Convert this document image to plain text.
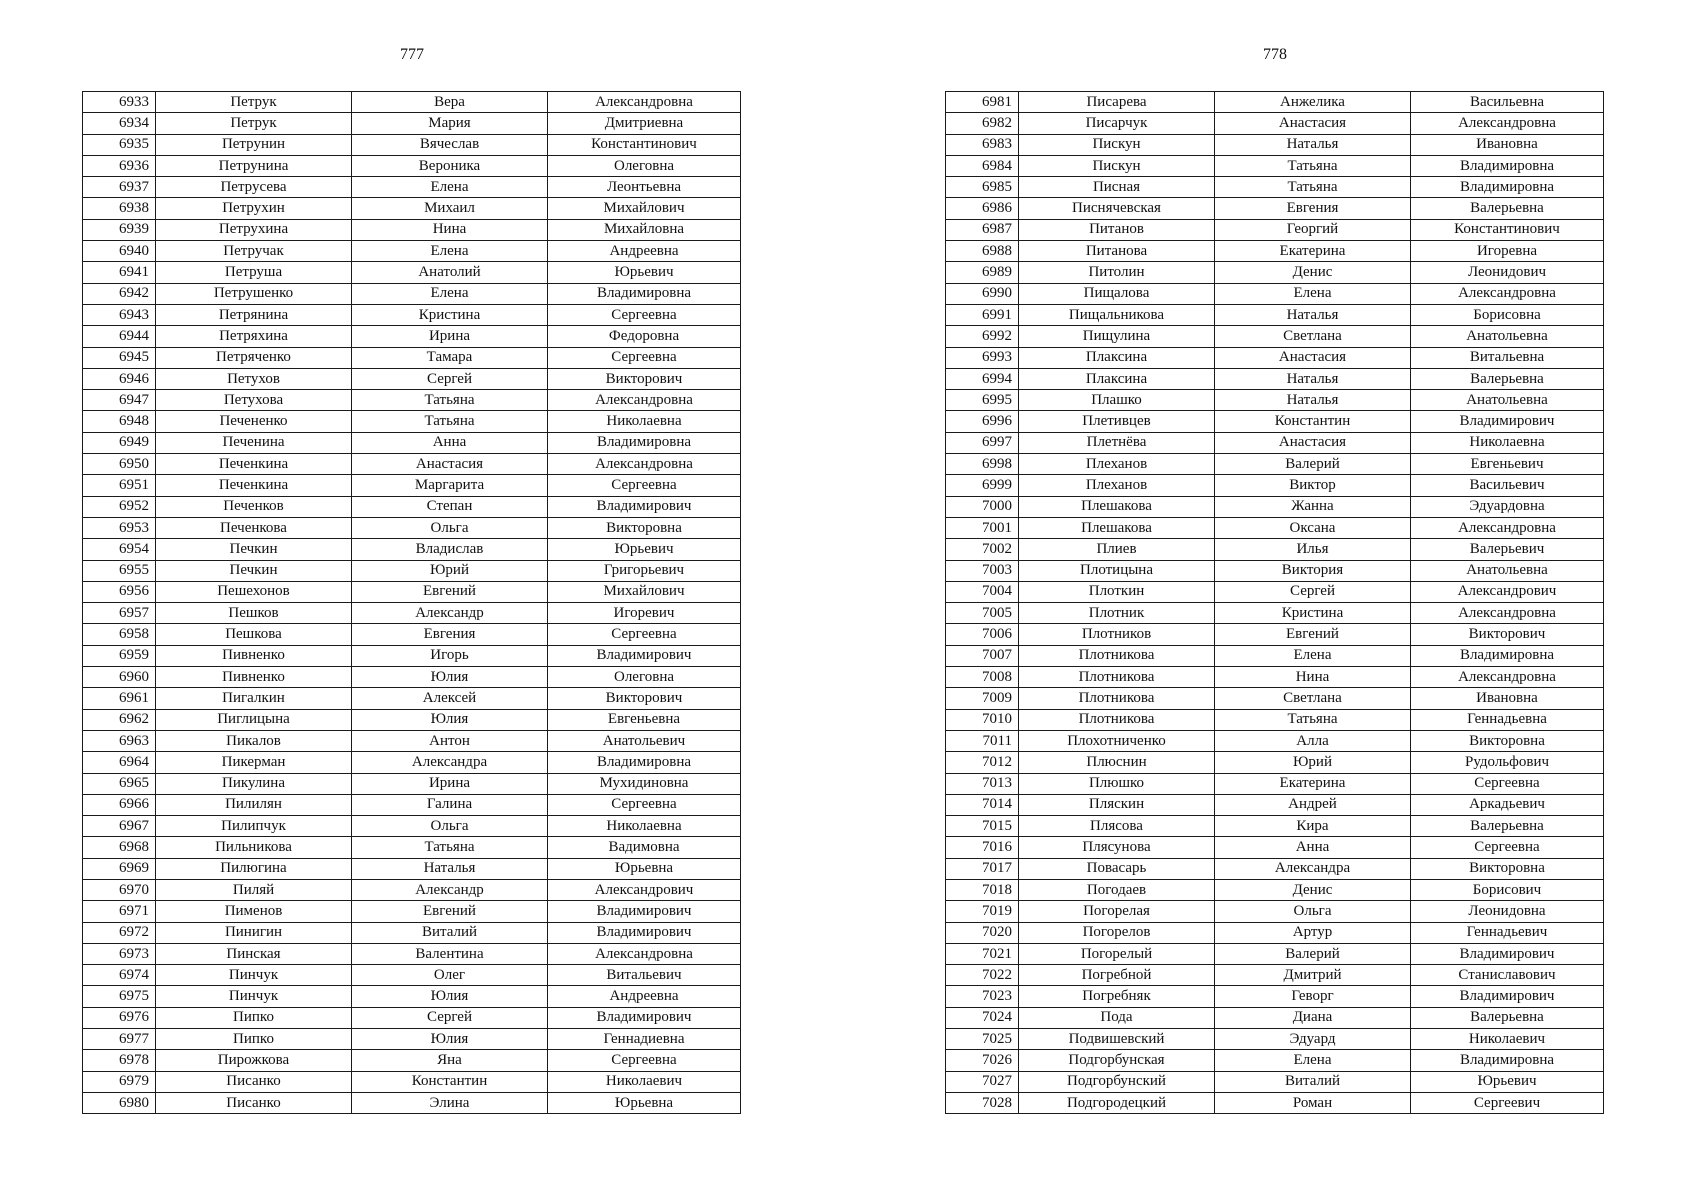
777
6933	Петрук	Вера	Александровна
6934	Петрук	Мария	Дмитриевна
6935	Петрунин	Вячеслав	Константинович
6936	Петрунина	Вероника	Олеговна
6937	Петрусева	Елена	Леонтьевна
6938	Петрухин	Михаил	Михайлович
6939	Петрухина	Нина	Михайловна
6940	Петручак	Елена	Андреевна
6941	Петруша	Анатолий	Юрьевич
6942	Петрушенко	Елена	Владимировна
6943	Петрянина	Кристина	Сергеевна
6944	Петряхина	Ирина	Федоровна
6945	Петряченко	Тамара	Сергеевна
6946	Петухов	Сергей	Викторович
6947	Петухова	Татьяна	Александровна
6948	Печененко	Татьяна	Николаевна
6949	Печенина	Анна	Владимировна
6950	Печенкина	Анастасия	Александровна
6951	Печенкина	Маргарита	Сергеевна
6952	Печенков	Степан	Владимирович
6953	Печенкова	Ольга	Викторовна
6954	Печкин	Владислав	Юрьевич
6955	Печкин	Юрий	Григорьевич
6956	Пешехонов	Евгений	Михайлович
6957	Пешков	Александр	Игоревич
6958	Пешкова	Евгения	Сергеевна
6959	Пивненко	Игорь	Владимирович
6960	Пивненко	Юлия	Олеговна
6961	Пигалкин	Алексей	Викторович
6962	Пиглицына	Юлия	Евгеньевна
6963	Пикалов	Антон	Анатольевич
6964	Пикерман	Александра	Владимировна
6965	Пикулина	Ирина	Мухидиновна
6966	Пилилян	Галина	Сергеевна
6967	Пилипчук	Ольга	Николаевна
6968	Пильникова	Татьяна	Вадимовна
6969	Пилюгина	Наталья	Юрьевна
6970	Пиляй	Александр	Александрович
6971	Пименов	Евгений	Владимирович
6972	Пинигин	Виталий	Владимирович
6973	Пинская	Валентина	Александровна
6974	Пинчук	Олег	Витальевич
6975	Пинчук	Юлия	Андреевна
6976	Пипко	Сергей	Владимирович
6977	Пипко	Юлия	Геннадиевна
6978	Пирожкова	Яна	Сергеевна
6979	Писанко	Константин	Николаевич
6980	Писанко	Элина	Юрьевна
778
6981	Писарева	Анжелика	Васильевна
6982	Писарчук	Анастасия	Александровна
6983	Пискун	Наталья	Ивановна
6984	Пискун	Татьяна	Владимировна
6985	Писная	Татьяна	Владимировна
6986	Писнячевская	Евгения	Валерьевна
6987	Питанов	Георгий	Константинович
6988	Питанова	Екатерина	Игоревна
6989	Питолин	Денис	Леонидович
6990	Пищалова	Елена	Александровна
6991	Пищальникова	Наталья	Борисовна
6992	Пищулина	Светлана	Анатольевна
6993	Плаксина	Анастасия	Витальевна
6994	Плаксина	Наталья	Валерьевна
6995	Плашко	Наталья	Анатольевна
6996	Плетивцев	Константин	Владимирович
6997	Плетнёва	Анастасия	Николаевна
6998	Плеханов	Валерий	Евгеньевич
6999	Плеханов	Виктор	Васильевич
7000	Плешакова	Жанна	Эдуардовна
7001	Плешакова	Оксана	Александровна
7002	Плиев	Илья	Валерьевич
7003	Плотицына	Виктория	Анатольевна
7004	Плоткин	Сергей	Александрович
7005	Плотник	Кристина	Александровна
7006	Плотников	Евгений	Викторович
7007	Плотникова	Елена	Владимировна
7008	Плотникова	Нина	Александровна
7009	Плотникова	Светлана	Ивановна
7010	Плотникова	Татьяна	Геннадьевна
7011	Плохотниченко	Алла	Викторовна
7012	Плюснин	Юрий	Рудольфович
7013	Плюшко	Екатерина	Сергеевна
7014	Пляскин	Андрей	Аркадьевич
7015	Плясова	Кира	Валерьевна
7016	Плясунова	Анна	Сергеевна
7017	Повасарь	Александра	Викторовна
7018	Погодаев	Денис	Борисович
7019	Погорелая	Ольга	Леонидовна
7020	Погорелов	Артур	Геннадьевич
7021	Погорелый	Валерий	Владимирович
7022	Погребной	Дмитрий	Станиславович
7023	Погребняк	Геворг	Владимирович
7024	Пода	Диана	Валерьевна
7025	Подвишевский	Эдуард	Николаевич
7026	Подгорбунская	Елена	Владимировна
7027	Подгорбунский	Виталий	Юрьевич
7028	Подгородецкий	Роман	Сергеевич
